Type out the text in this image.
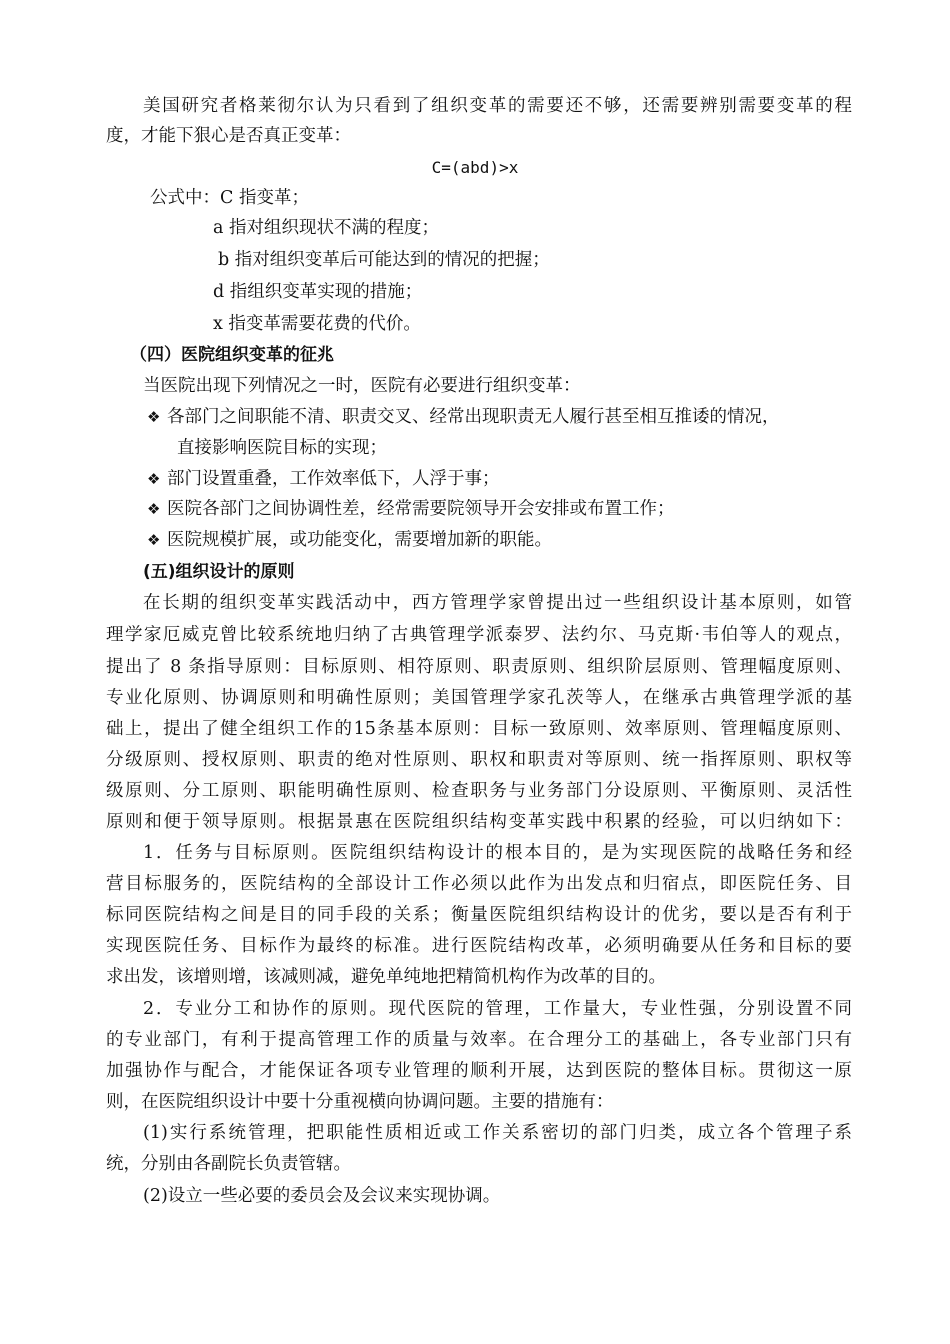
美国研究者格莱彻尔认为只看到了组织变革的需要还不够，还需要辨别需要变革的程
度，才能下狠心是否真正变革：
C=(abd)>x
公式中：C 指变革；
a 指对组织现状不满的程度；
b 指对组织变革后可能达到的情况的把握；
d 指组织变革实现的措施；
x 指变革需要花费的代价。
（四）医院组织变革的征兆
当医院出现下列情况之一时，医院有必要进行组织变革：
❖ 各部门之间职能不清、职责交叉、经常出现职责无人履行甚至相互推诿的情况，
直接影响医院目标的实现；
❖ 部门设置重叠，工作效率低下，人浮于事；
❖ 医院各部门之间协调性差，经常需要院领导开会安排或布置工作；
❖ 医院规模扩展，或功能变化，需要增加新的职能。
(五)组织设计的原则
在长期的组织变革实践活动中，西方管理学家曾提出过一些组织设计基本原则，如管
理学家厄威克曾比较系统地归纳了古典管理学派泰罗、法约尔、马克斯·韦伯等人的观点，
提出了 8 条指导原则：目标原则、相符原则、职责原则、组织阶层原则、管理幅度原则、
专业化原则、协调原则和明确性原则；美国管理学家孔茨等人，在继承古典管理学派的基
础上，提出了健全组织工作的15条基本原则：目标一致原则、效率原则、管理幅度原则、
分级原则、授权原则、职责的绝对性原则、职权和职责对等原则、统一指挥原则、职权等
级原则、分工原则、职能明确性原则、检查职务与业务部门分设原则、平衡原则、灵活性
原则和便于领导原则。根据景惠在医院组织结构变革实践中积累的经验，可以归纳如下：
1．任务与目标原则。医院组织结构设计的根本目的，是为实现医院的战略任务和经
营目标服务的，医院结构的全部设计工作必须以此作为出发点和归宿点，即医院任务、目
标同医院结构之间是目的同手段的关系；衡量医院组织结构设计的优劣，要以是否有利于
实现医院任务、目标作为最终的标准。进行医院结构改革，必须明确要从任务和目标的要
求出发，该增则增，该减则减，避免单纯地把精简机构作为改革的目的。
2．专业分工和协作的原则。现代医院的管理，工作量大，专业性强，分别设置不同
的专业部门，有利于提高管理工作的质量与效率。在合理分工的基础上，各专业部门只有
加强协作与配合，才能保证各项专业管理的顺利开展，达到医院的整体目标。贯彻这一原
则，在医院组织设计中要十分重视横向协调问题。主要的措施有：
(1)实行系统管理，把职能性质相近或工作关系密切的部门归类，成立各个管理子系
统，分别由各副院长负责管辖。
(2)设立一些必要的委员会及会议来实现协调。
